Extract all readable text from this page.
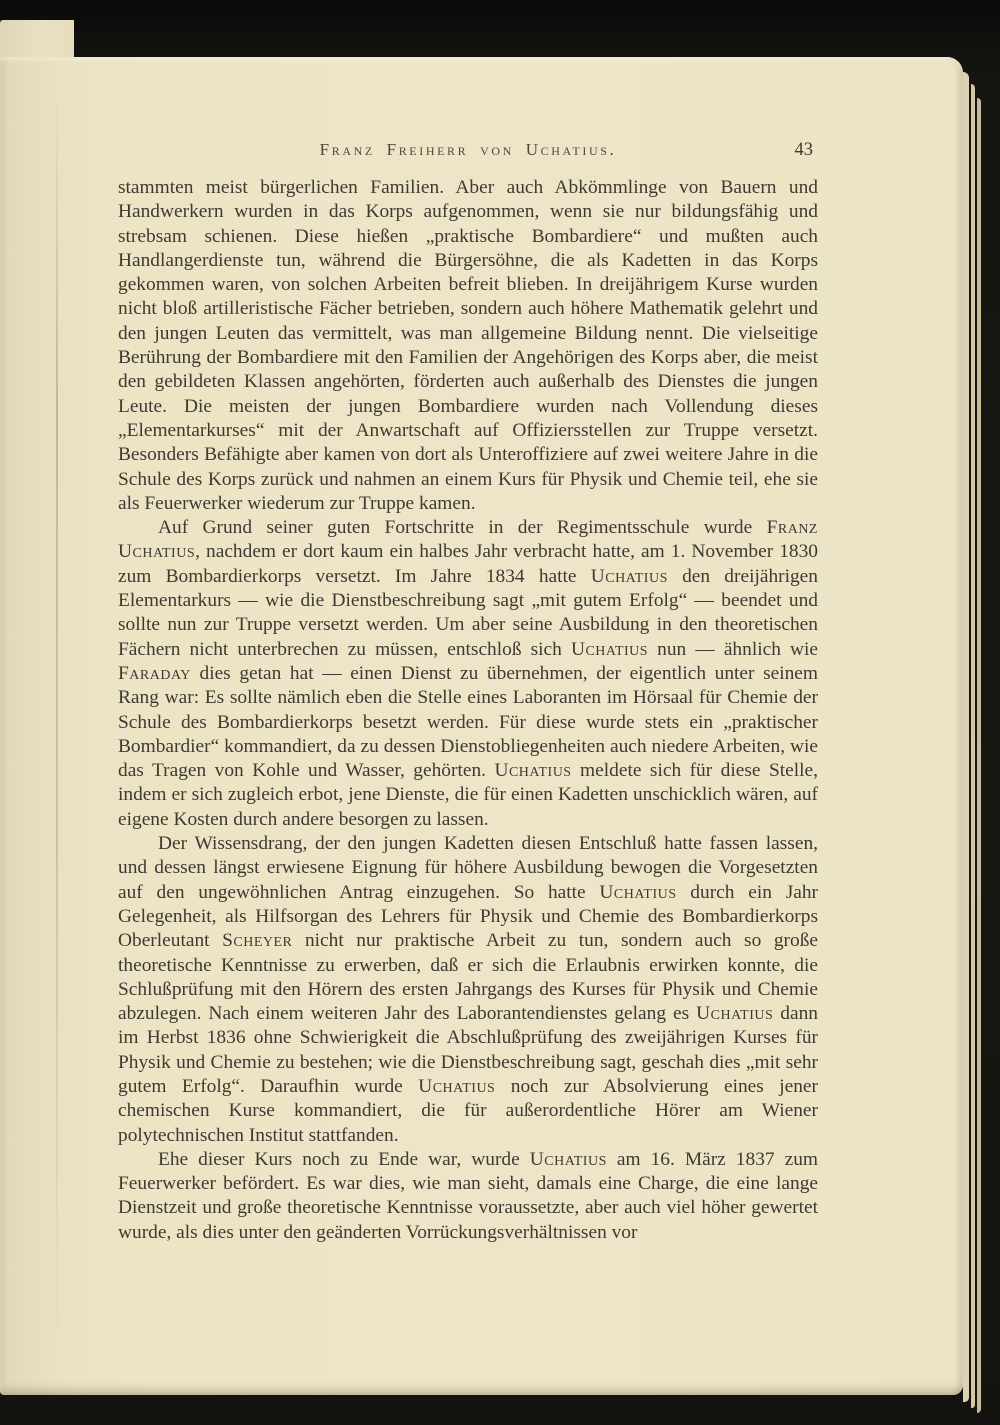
Franz Freiherr von Uchatius.	43

stammten meist bürgerlichen Familien. Aber auch Abkömmlinge von Bauern und Handwerkern wurden in das Korps aufgenommen, wenn sie nur bildungsfähig und strebsam schienen. Diese hießen „praktische Bombardiere“ und mußten auch Handlangerdienste tun, während die Bürgersöhne, die als Kadetten in das Korps gekommen waren, von solchen Arbeiten befreit blieben. In dreijährigem Kurse wurden nicht bloß artilleristische Fächer betrieben, sondern auch höhere Mathematik gelehrt und den jungen Leuten das vermittelt, was man allgemeine Bildung nennt. Die vielseitige Berührung der Bombardiere mit den Familien der Angehörigen des Korps aber, die meist den gebildeten Klassen angehörten, förderten auch außerhalb des Dienstes die jungen Leute. Die meisten der jungen Bombardiere wurden nach Vollendung dieses „Elementarkurses“ mit der Anwartschaft auf Offiziersstellen zur Truppe versetzt. Besonders Befähigte aber kamen von dort als Unteroffiziere auf zwei weitere Jahre in die Schule des Korps zurück und nahmen an einem Kurs für Physik und Chemie teil, ehe sie als Feuerwerker wiederum zur Truppe kamen.

Auf Grund seiner guten Fortschritte in der Regimentsschule wurde Franz Uchatius, nachdem er dort kaum ein halbes Jahr verbracht hatte, am 1. November 1830 zum Bombardierkorps versetzt. Im Jahre 1834 hatte Uchatius den dreijährigen Elementarkurs — wie die Dienstbeschreibung sagt „mit gutem Erfolg“ — beendet und sollte nun zur Truppe versetzt werden. Um aber seine Ausbildung in den theoretischen Fächern nicht unterbrechen zu müssen, entschloß sich Uchatius nun — ähnlich wie Faraday dies getan hat — einen Dienst zu übernehmen, der eigentlich unter seinem Rang war: Es sollte nämlich eben die Stelle eines Laboranten im Hörsaal für Chemie der Schule des Bombardierkorps besetzt werden. Für diese wurde stets ein „praktischer Bombardier“ kommandiert, da zu dessen Dienstobliegenheiten auch niedere Arbeiten, wie das Tragen von Kohle und Wasser, gehörten. Uchatius meldete sich für diese Stelle, indem er sich zugleich erbot, jene Dienste, die für einen Kadetten unschicklich wären, auf eigene Kosten durch andere besorgen zu lassen.

Der Wissensdrang, der den jungen Kadetten diesen Entschluß hatte fassen lassen, und dessen längst erwiesene Eignung für höhere Ausbildung bewogen die Vorgesetzten auf den ungewöhnlichen Antrag einzugehen. So hatte Uchatius durch ein Jahr Gelegenheit, als Hilfsorgan des Lehrers für Physik und Chemie des Bombardierkorps Oberleutant Scheyer nicht nur praktische Arbeit zu tun, sondern auch so große theoretische Kenntnisse zu erwerben, daß er sich die Erlaubnis erwirken konnte, die Schlußprüfung mit den Hörern des ersten Jahrgangs des Kurses für Physik und Chemie abzulegen. Nach einem weiteren Jahr des Laborantendienstes gelang es Uchatius dann im Herbst 1836 ohne Schwierigkeit die Abschlußprüfung des zweijährigen Kurses für Physik und Chemie zu bestehen; wie die Dienstbeschreibung sagt, geschah dies „mit sehr gutem Erfolg“. Daraufhin wurde Uchatius noch zur Absolvierung eines jener chemischen Kurse kommandiert, die für außerordentliche Hörer am Wiener polytechnischen Institut stattfanden.

Ehe dieser Kurs noch zu Ende war, wurde Uchatius am 16. März 1837 zum Feuerwerker befördert. Es war dies, wie man sieht, damals eine Charge, die eine lange Dienstzeit und große theoretische Kenntnisse voraussetzte, aber auch viel höher gewertet wurde, als dies unter den geänderten Vorrückungsverhältnissen vor
